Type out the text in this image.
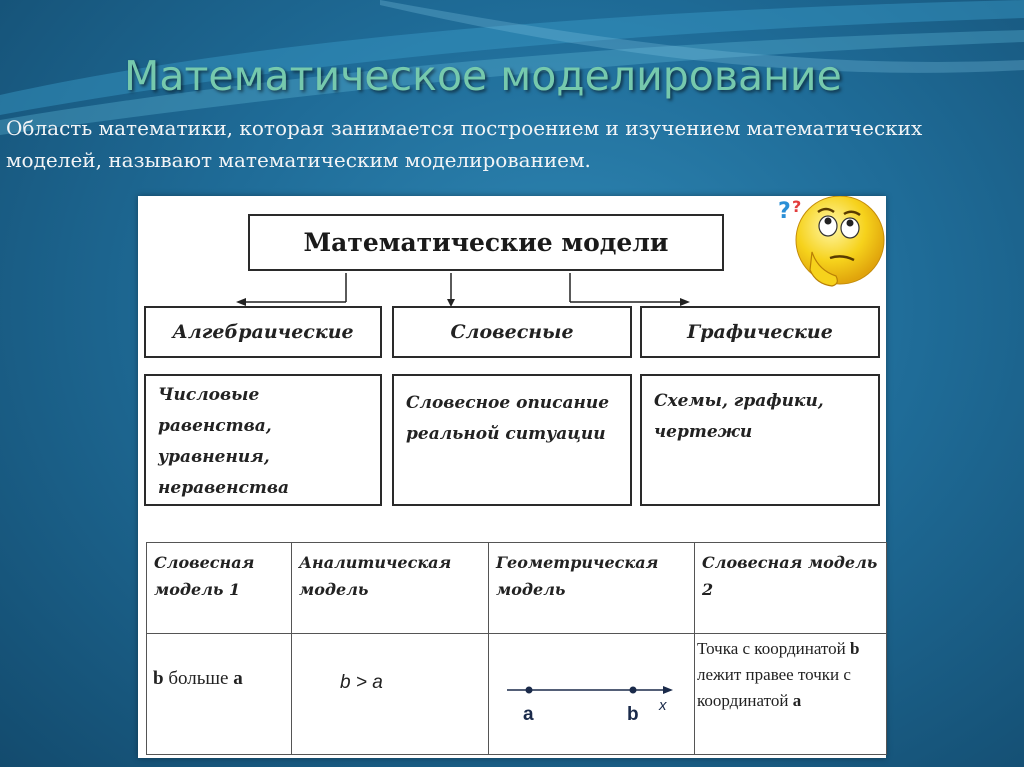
Математическое моделирование

Область математики, которая занимается построением и изучением математических моделей, называют математическим моделированием.

Математические модели
? ?
Алгебраические	Словесные	Графические
Числовые равенства, уравнения, неравенства
Словесное описание реальной ситуации
Схемы, графики, чертежи
Словесная модель 1	Аналитическая модель	Геометрическая модель	Словесная модель 2

b больше a	b > a	a b x	Точка с координатой b лежит правее точки с координатой a
